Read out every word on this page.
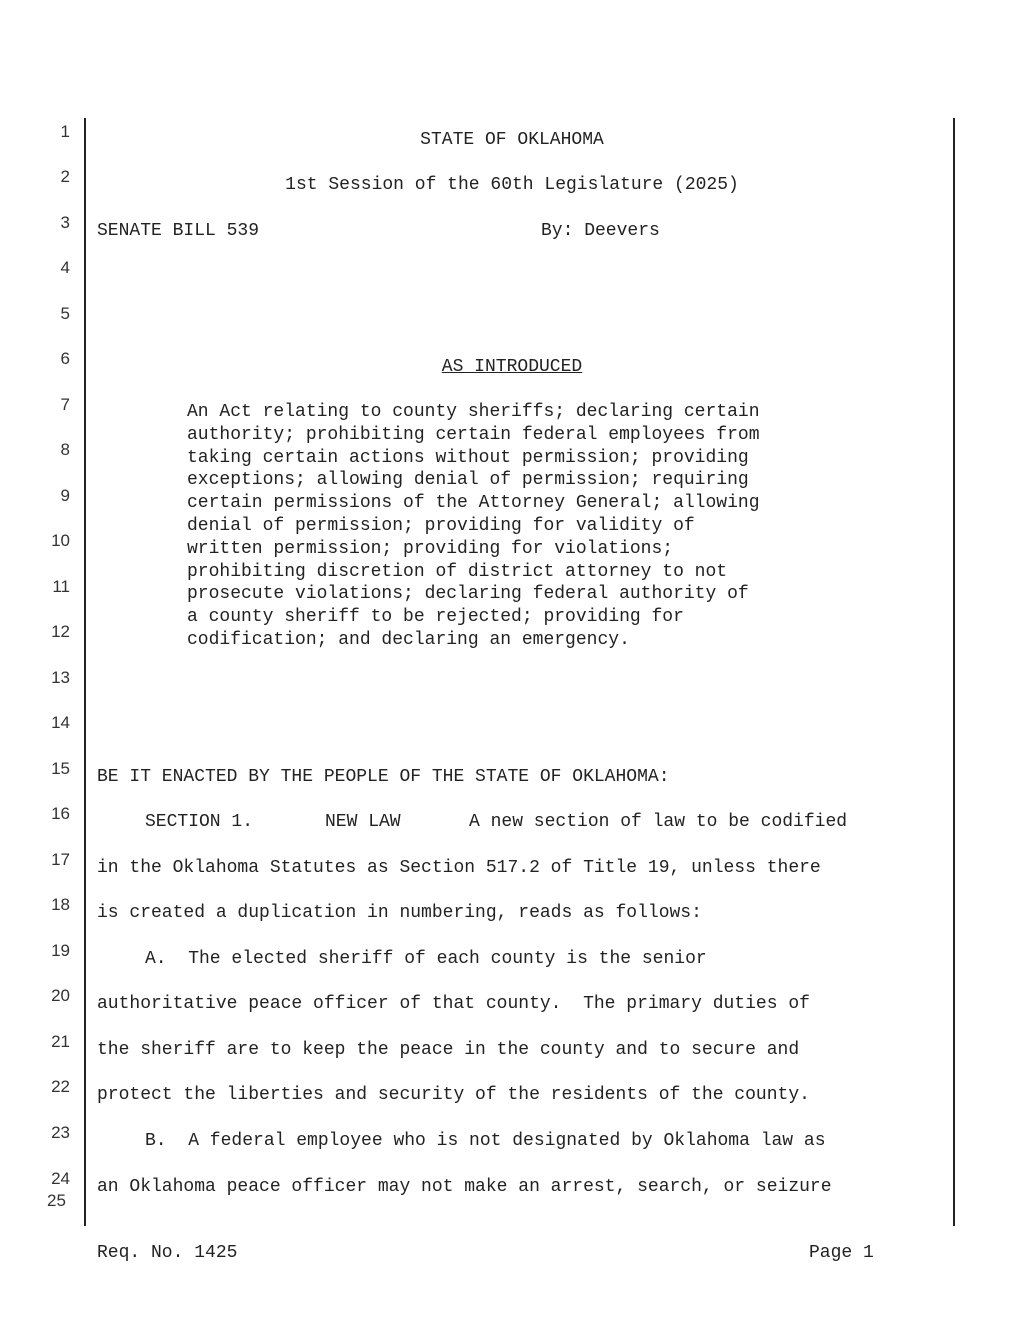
1
2
3
4
5
6
7
8
9
10
11
12
13
14
15
16
17
18
19
20
21
22
23
24
25
STATE OF OKLAHOMA
1st Session of the 60th Legislature (2025)
SENATE BILL 539	By: Deevers
AS INTRODUCED
An Act relating to county sheriffs; declaring certain
authority; prohibiting certain federal employees from
taking certain actions without permission; providing
exceptions; allowing denial of permission; requiring
certain permissions of the Attorney General; allowing
denial of permission; providing for validity of
written permission; providing for violations;
prohibiting discretion of district attorney to not
prosecute violations; declaring federal authority of
a county sheriff to be rejected; providing for
codification; and declaring an emergency.
BE IT ENACTED BY THE PEOPLE OF THE STATE OF OKLAHOMA:
SECTION 1.	NEW LAW	A new section of law to be codified
in the Oklahoma Statutes as Section 517.2 of Title 19, unless there
is created a duplication in numbering, reads as follows:
A.  The elected sheriff of each county is the senior
authoritative peace officer of that county.  The primary duties of
the sheriff are to keep the peace in the county and to secure and
protect the liberties and security of the residents of the county.
B.  A federal employee who is not designated by Oklahoma law as
an Oklahoma peace officer may not make an arrest, search, or seizure
Req. No. 1425	Page 1
